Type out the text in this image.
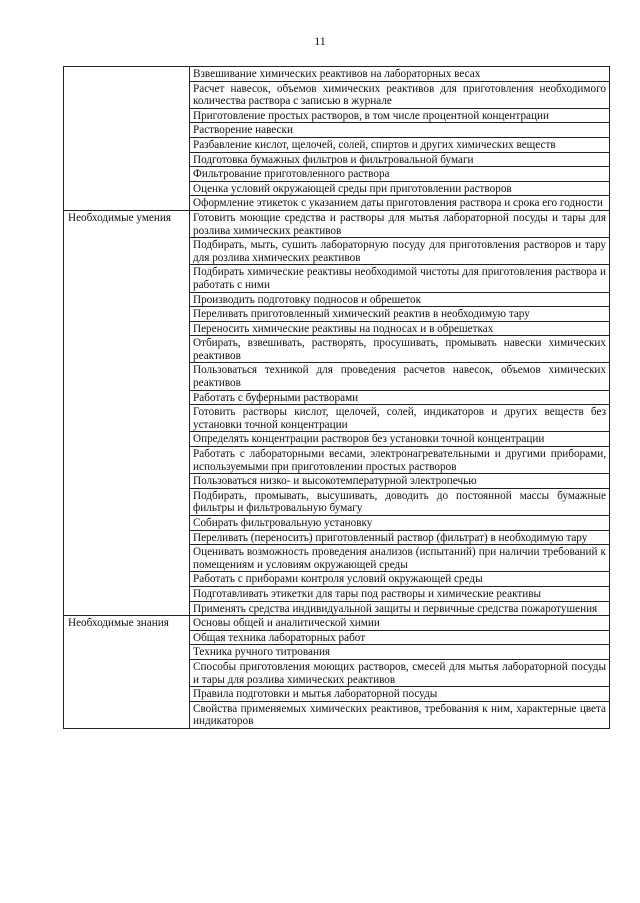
11
	Взвешивание химических реактивов на лабораторных весах
	Расчет навесок, объемов химических реактивов для приготовления необходимого количества раствора с записью в журнале
	Приготовление простых растворов, в том числе процентной концентрации
	Растворение навески
	Разбавление кислот, щелочей, солей, спиртов и других химических веществ
	Подготовка бумажных фильтров и фильтровальной бумаги
	Фильтрование приготовленного раствора
	Оценка условий окружающей среды при приготовлении растворов
	Оформление этикеток с указанием даты приготовления раствора и срока его годности
Необходимые умения	Готовить моющие средства и растворы для мытья лабораторной посуды и тары для розлива химических реактивов
	Подбирать, мыть, сушить лабораторную посуду для приготовления растворов и тару для розлива химических реактивов
	Подбирать химические реактивы необходимой чистоты для приготовления раствора и работать с ними
	Производить подготовку подносов и обрешеток
	Переливать приготовленный химический реактив в необходимую тару
	Переносить химические реактивы на подносах и в обрешетках
	Отбирать, взвешивать, растворять, просушивать, промывать навески химических реактивов
	Пользоваться техникой для проведения расчетов навесок, объемов химических реактивов
	Работать с буферными растворами
	Готовить растворы кислот, щелочей, солей, индикаторов и других веществ без установки точной концентрации
	Определять концентрации растворов без установки точной концентрации
	Работать с лабораторными весами, электронагревательными и другими приборами, используемыми при приготовлении простых растворов
	Пользоваться низко- и высокотемпературной электропечью
	Подбирать, промывать, высушивать, доводить до постоянной массы бумажные фильтры и фильтровальную бумагу
	Собирать фильтровальную установку
	Переливать (переносить) приготовленный раствор (фильтрат) в необходимую тару
	Оценивать возможность проведения анализов (испытаний) при наличии требований к помещениям и условиям окружающей среды
	Работать с приборами контроля условий окружающей среды
	Подготавливать этикетки для тары под растворы и химические реактивы
	Применять средства индивидуальной защиты и первичные средства пожаротушения
Необходимые знания	Основы общей и аналитической химии
	Общая техника лабораторных работ
	Техника ручного титрования
	Способы приготовления моющих растворов, смесей для мытья лабораторной посуды и тары для розлива химических реактивов
	Правила подготовки и мытья лабораторной посуды
	Свойства применяемых химических реактивов, требования к ним, характерные цвета индикаторов
